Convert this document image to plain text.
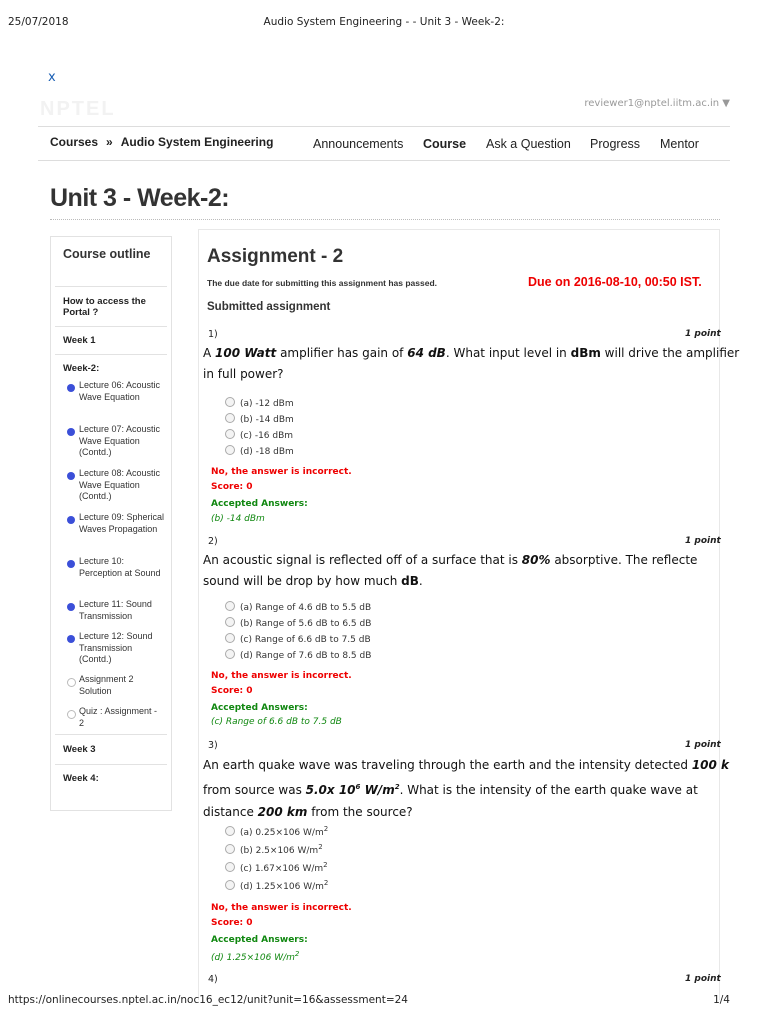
25/07/2018	Audio System Engineering - - Unit 3 - Week-2:
x
NPTEL	reviewer1@nptel.iitm.ac.in ▼
Courses » Audio System Engineering	Announcements Course Ask a Question Progress Mentor
Unit 3 - Week-2:
Course outline
How to access the Portal ?
Week 1
Week-2:
Lecture 06: Acoustic Wave Equation
Lecture 07: Acoustic Wave Equation (Contd.)
Lecture 08: Acoustic Wave Equation (Contd.)
Lecture 09: Spherical Waves Propagation
Lecture 10: Perception at Sound
Lecture 11: Sound Transmission
Lecture 12: Sound Transmission (Contd.)
Assignment 2 Solution
Quiz : Assignment - 2
Week 3
Week 4:
Assignment - 2
The due date for submitting this assignment has passed.	Due on 2016-08-10, 00:50 IST.
Submitted assignment
1)	1 point
A 100 Watt amplifier has gain of 64 dB. What input level in dBm will drive the amplifier
in full power?
(a) -12 dBm
(b) -14 dBm
(c) -16 dBm
(d) -18 dBm
No, the answer is incorrect.
Score: 0
Accepted Answers:
(b) -14 dBm
2)	1 point
An acoustic signal is reflected off of a surface that is 80% absorptive. The reflecte
sound will be drop by how much dB.
(a) Range of 4.6 dB to 5.5 dB
(b) Range of 5.6 dB to 6.5 dB
(c) Range of 6.6 dB to 7.5 dB
(d) Range of 7.6 dB to 8.5 dB
No, the answer is incorrect.
Score: 0
Accepted Answers:
(c) Range of 6.6 dB to 7.5 dB
3)	1 point
An earth quake wave was traveling through the earth and the intensity detected 100 k
from source was 5.0x $10^6$ $W/m^2$. What is the intensity of the earth quake wave at
distance 200 km from the source?
(a) 0.25×106 $W/m^2$
(b) 2.5×106 $W/m^2$
(c) 1.67×106 $W/m^2$
(d) 1.25×106 $W/m^2$
No, the answer is incorrect.
Score: 0
Accepted Answers:
(d) 1.25×106 $W/m^2$
4)	1 point
https://onlinecourses.nptel.ac.in/noc16_ec12/unit?unit=16&assessment=24	1/4
